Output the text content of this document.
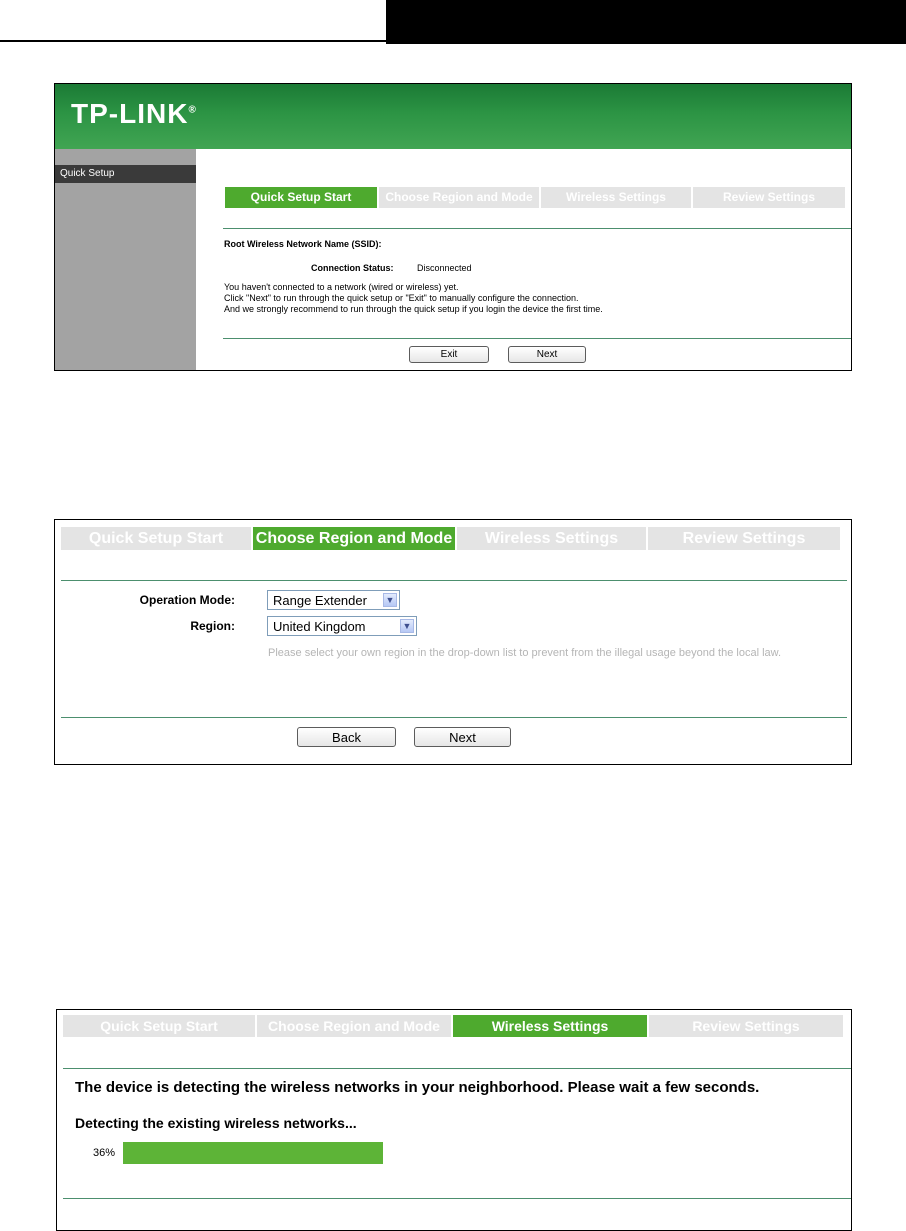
TP-LINK®
Quick Setup
Quick Setup Start	Choose Region and Mode	Wireless Settings	Review Settings
Root Wireless Network Name (SSID):
Connection Status:	Disconnected
You haven't connected to a network (wired or wireless) yet.
Click "Next" to run through the quick setup or "Exit" to manually configure the connection.
And we strongly recommend to run through the quick setup if you login the device the first time.
Exit	Next
Quick Setup Start	Choose Region and Mode	Wireless Settings	Review Settings
Operation Mode:	Range Extender ▼
Region:	United Kingdom	▼
Please select your own region in the drop-down list to prevent from the illegal usage beyond the local law.
Back	Next
Quick Setup Start	Choose Region and Mode	Wireless Settings	Review Settings
The device is detecting the wireless networks in your neighborhood. Please wait a few seconds.
Detecting the existing wireless networks...
36%
